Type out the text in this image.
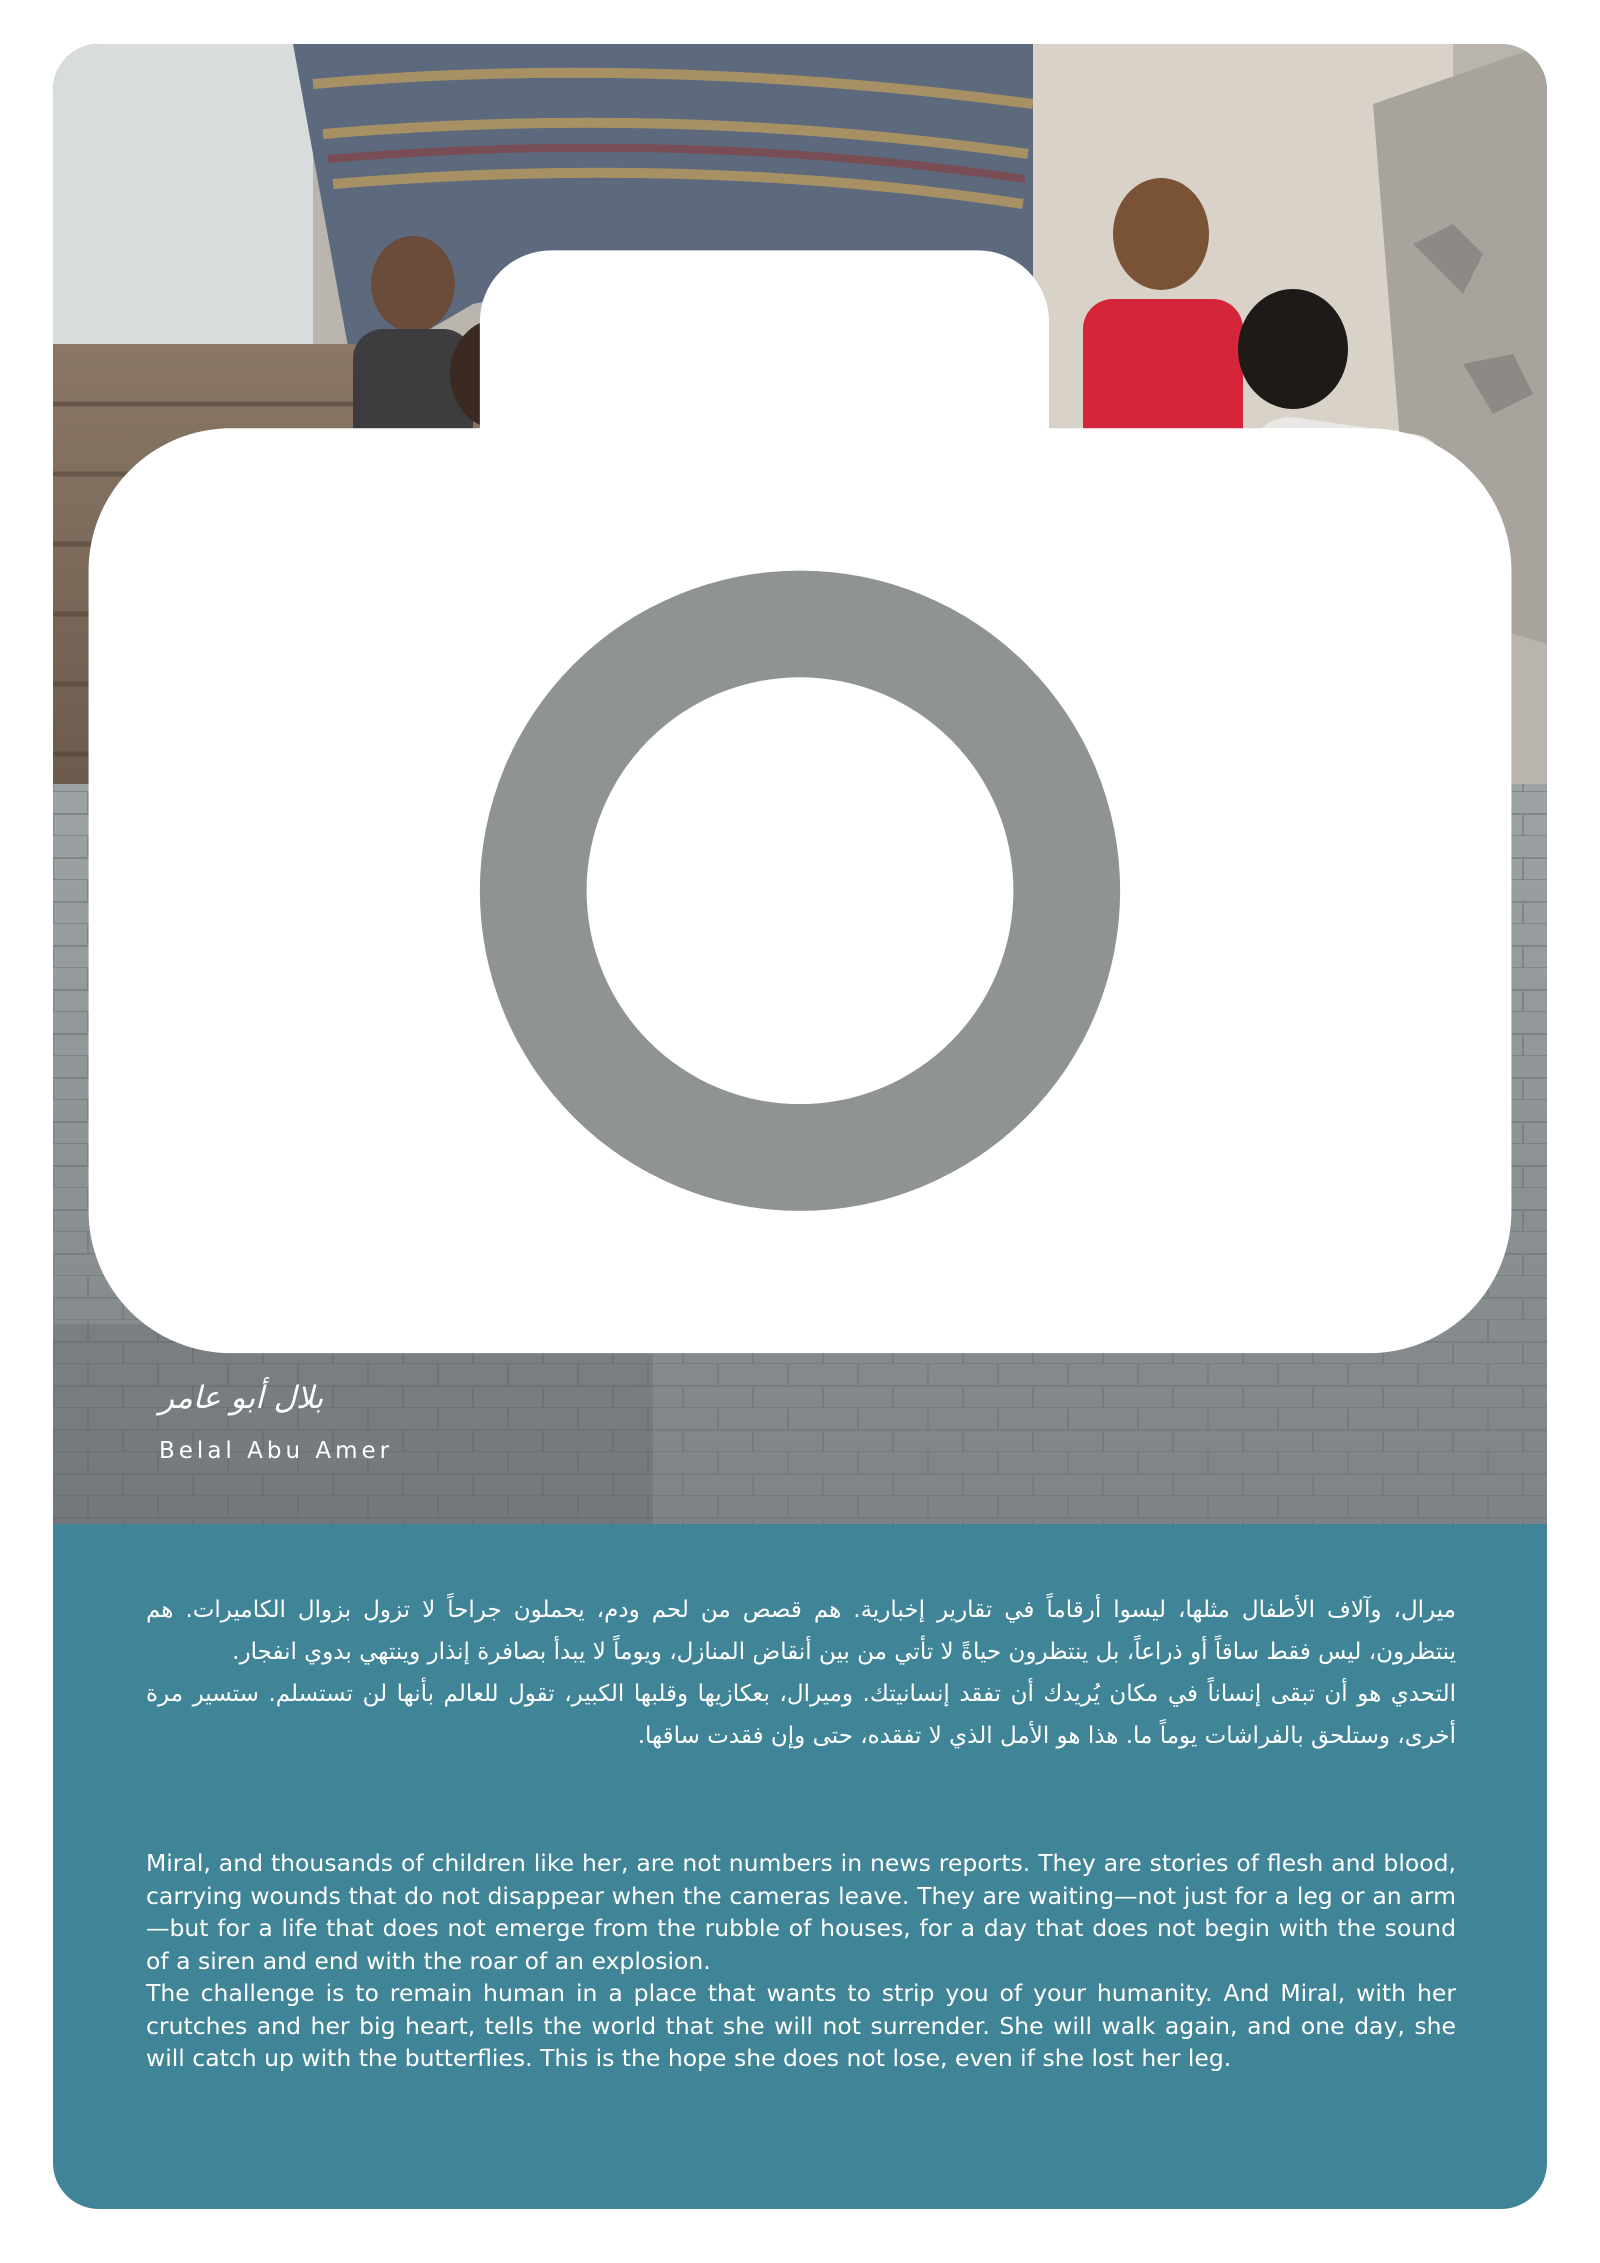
بلال أبو عامر
Belal Abu Amer

ميرال، وآلاف الأطفال مثلها، ليسوا أرقاماً في تقارير إخبارية. هم قصص من لحم ودم، يحملون جراحاً لا تزول بزوال الكاميرات. هم ينتظرون، ليس فقط ساقاً أو ذراعاً، بل ينتظرون حياةً لا تأتي من بين أنقاض المنازل، ويوماً لا يبدأ بصافرة إنذار وينتهي بدوي انفجار.

التحدي هو أن تبقى إنساناً في مكان يُريدك أن تفقد إنسانيتك. وميرال، بعكازيها وقلبها الكبير، تقول للعالم بأنها لن تستسلم. ستسير مرة أخرى، وستلحق بالفراشات يوماً ما. هذا هو الأمل الذي لا تفقده، حتى وإن فقدت ساقها.

Miral, and thousands of children like her, are not numbers in news reports. They are stories of flesh and blood, carrying wounds that do not disappear when the cameras leave. They are waiting—not just for a leg or an arm—but for a life that does not emerge from the rubble of houses, for a day that does not begin with the sound of a siren and end with the roar of an explosion.

The challenge is to remain human in a place that wants to strip you of your humanity. And Miral, with her crutches and her big heart, tells the world that she will not surrender. She will walk again, and one day, she will catch up with the butterflies. This is the hope she does not lose, even if she lost her leg.
